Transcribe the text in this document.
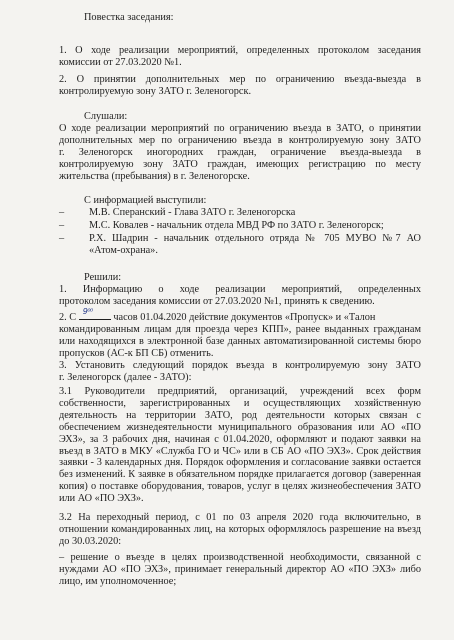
Повестка заседания:

1. О ходе реализации мероприятий, определенных протоколом заседания

комиссии от 27.03.2020 №1.

2. О принятии дополнительных мер по ограничению въезда-выезда в

контролируемую зону ЗАТО г. Зеленогорск.

Слушали:

О ходе реализации мероприятий по ограничению въезда в ЗАТО, о принятии

дополнительных мер по ограничению въезда в контролируемую зону ЗАТО

г. Зеленогорск иногородних граждан, ограничение въезда-выезда в

контролируемую зону ЗАТО граждан, имеющих регистрацию по месту

жительства (пребывания) в г. Зеленогорске.

С информацией выступили:

–	М.В. Сперанский - Глава ЗАТО г. Зеленогорска

–	М.С. Ковалев - начальник отдела МВД РФ по ЗАТО г. Зеленогорск;

–	Р.Х. Шадрин - начальник отдельного отряда № 705 МУВО №7 АО

«Атом-охрана».

Решили:

1. Информацию о ходе реализации мероприятий, определенных

протоколом заседания комиссии от 27.03.2020 №1, принять к сведению.

2. С
9⁰⁰
часов 01.04.2020 действие документов «Пропуск» и «Талон

командированным лицам для проезда через КПП», ранее выданных гражданам

или находящихся в электронной базе данных автоматизированной системы бюро

пропусков (АС-к БП СБ) отменить.

3. Установить следующий порядок въезда в контролируемую зону ЗАТО

г. Зеленогорск (далее - ЗАТО):

3.1 Руководители предприятий, организаций, учреждений всех форм

собственности, зарегистрированных и осуществляющих хозяйственную

деятельность на территории ЗАТО, род деятельности которых связан с

обеспечением жизнедеятельности муниципального образования или АО «ПО

ЭХЗ», за 3 рабочих дня, начиная с 01.04.2020, оформляют и подают заявки на

въезд в ЗАТО в МКУ «Служба ГО и ЧС» или в СБ АО «ПО ЭХЗ». Срок действия

заявки - 3 календарных дня. Порядок оформления и согласование заявки остается

без изменений. К заявке в обязательном порядке прилагается договор (заверенная

копия) о поставке оборудования, товаров, услуг в целях жизнеобеспечения ЗАТО

или АО «ПО ЭХЗ».

3.2 На переходный период, с 01 по 03 апреля 2020 года включительно, в

отношении командированных лиц, на которых оформлялось разрешение на въезд

до 30.03.2020:

– решение о въезде в целях производственной необходимости, связанной с

нуждами АО «ПО ЭХЗ», принимает генеральный директор АО «ПО ЭХЗ» либо

лицо, им уполномоченное;
